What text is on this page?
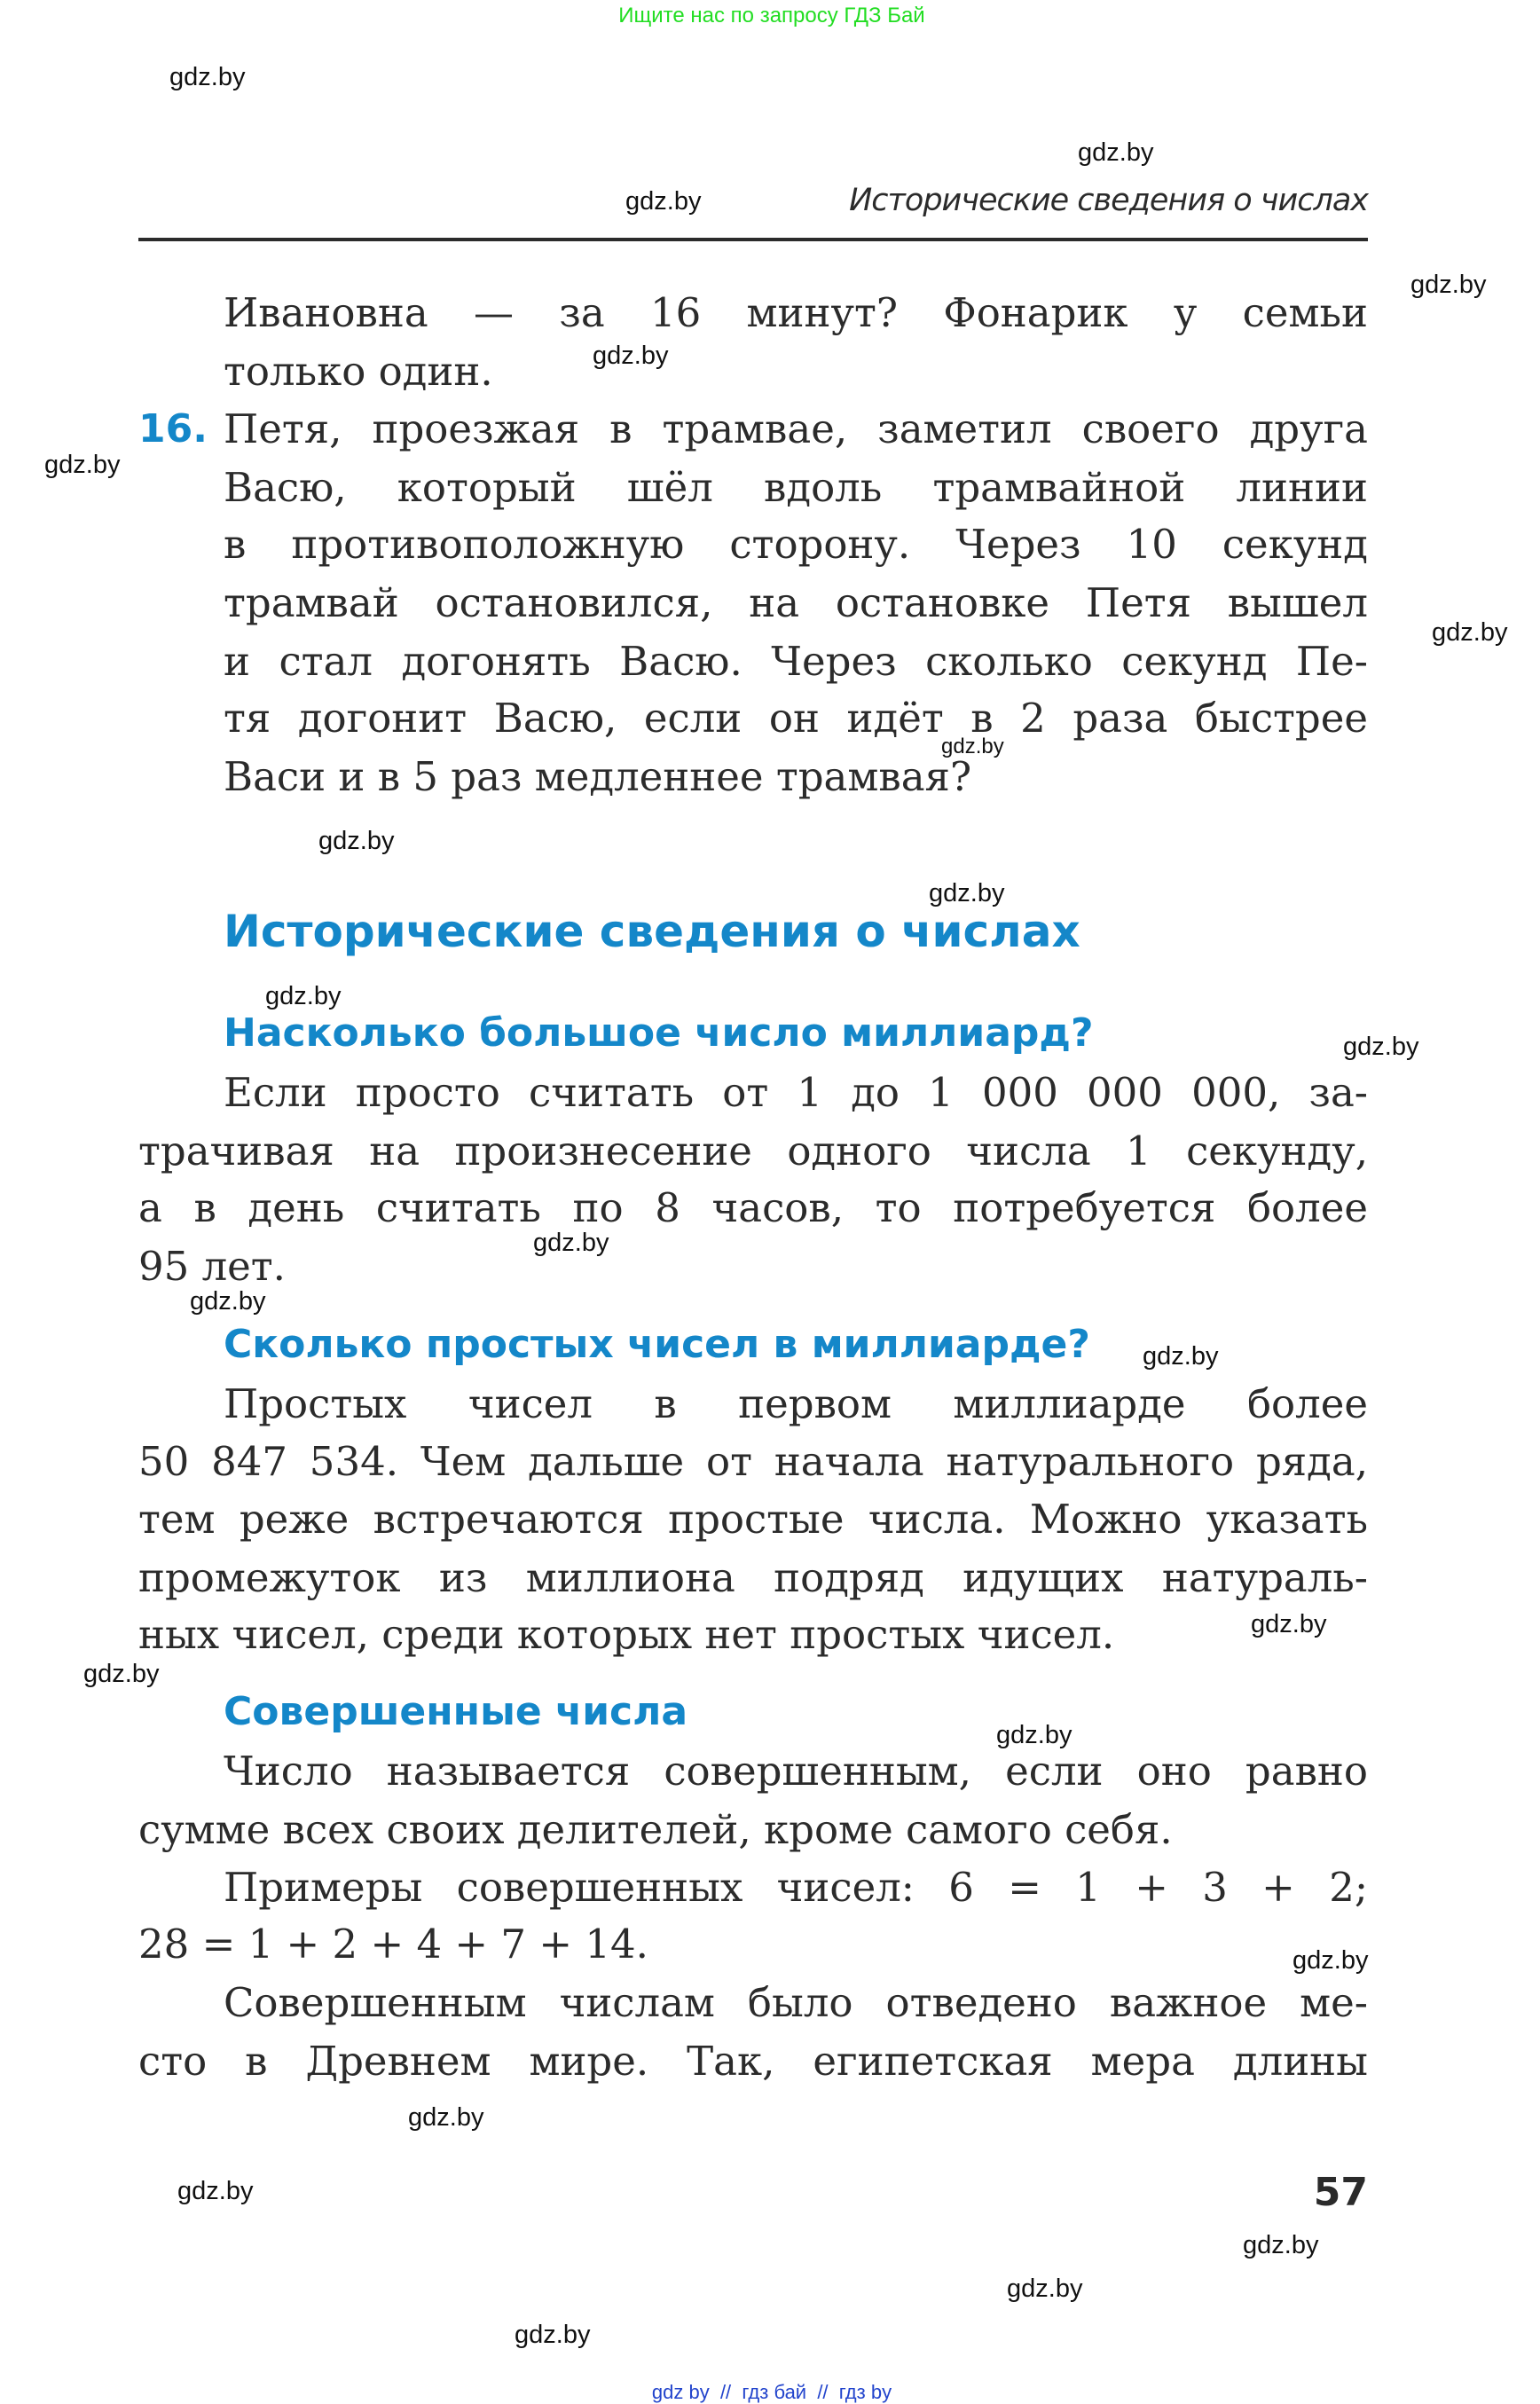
Ищите нас по запросу ГДЗ Бай
Исторические сведения о числах
Ивановна — за 16 минут? Фонарик у семьи
только один.
16. Петя, проезжая в трамвае, заметил своего друга
Васю, который шёл вдоль трамвайной линии
в противоположную сторону. Через 10 секунд
трамвай остановился, на остановке Петя вышел
и стал догонять Васю. Через сколько секунд Пе-
тя догонит Васю, если он идёт в 2 раза быстрее
Васи и в 5 раз медленнее трамвая?
Исторические сведения о числах
Насколько большое число миллиард?
Если просто считать от 1 до 1 000 000 000, за-
трачивая на произнесение одного числа 1 секунду,
а в день считать по 8 часов, то потребуется более
95 лет.
Сколько простых чисел в миллиарде?
Простых чисел в первом миллиарде более
50 847 534. Чем дальше от начала натурального ряда,
тем реже встречаются простые числа. Можно указать
промежуток из миллиона подряд идущих натураль-
ных чисел, среди которых нет простых чисел.
Совершенные числа
Число называется совершенным, если оно равно
сумме всех своих делителей, кроме самого себя.
Примеры совершенных чисел: 6 = 1 + 3 + 2;
28 = 1 + 2 + 4 + 7 + 14.
Совершенным числам было отведено важное ме-
сто в Древнем мире. Так, египетская мера длины
57
gdz by  //  гдз бай  //  гдз by
gdz.by
gdz.by
gdz.by
gdz.by
gdz.by
gdz.by
gdz.by
gdz.by
gdz.by
gdz.by
gdz.by
gdz.by
gdz.by
gdz.by
gdz.by
gdz.by
gdz.by
gdz.by
gdz.by
gdz.by
gdz.by
gdz.by
gdz.by
gdz.by
